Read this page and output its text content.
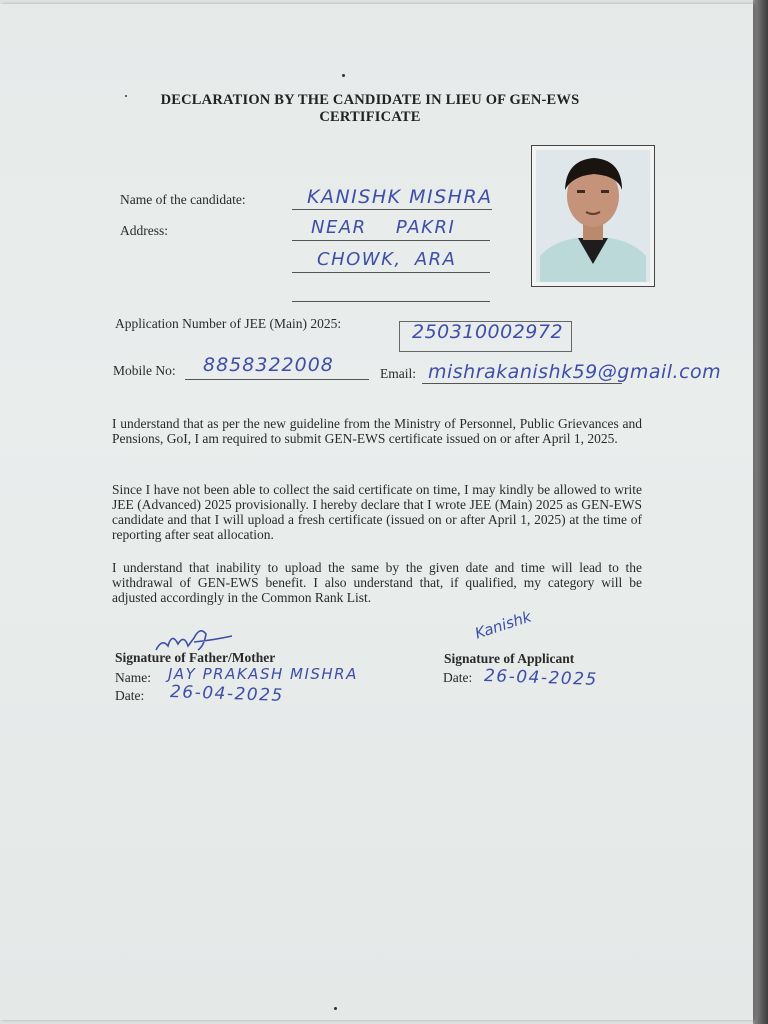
DECLARATION BY THE CANDIDATE IN LIEU OF GEN-EWS
CERTIFICATE
Name of the candidate:	KANISHK MISHRA
Address:	NEAR PAKRI
CHOWK, ARA
Application Number of JEE (Main) 2025:	250310002972
Mobile No: 8858322008	Email: mishrakanishk59@gmail.com
I understand that as per the new guideline from the Ministry of Personnel, Public Grievances and Pensions, GoI, I am required to submit GEN-EWS certificate issued on or after April 1, 2025.
Since I have not been able to collect the said certificate on time, I may kindly be allowed to write JEE (Advanced) 2025 provisionally. I hereby declare that I wrote JEE (Main) 2025 as GEN-EWS candidate and that I will upload a fresh certificate (issued on or after April 1, 2025) at the time of reporting after seat allocation.
I understand that inability to upload the same by the given date and time will lead to the withdrawal of GEN-EWS benefit. I also understand that, if qualified, my category will be adjusted accordingly in the Common Rank List.
Signature of Father/Mother
Name: JAY PRAKASH MISHRA
Date: 26-04-2025
Kanishk
Signature of Applicant
Date: 26-04-2025
